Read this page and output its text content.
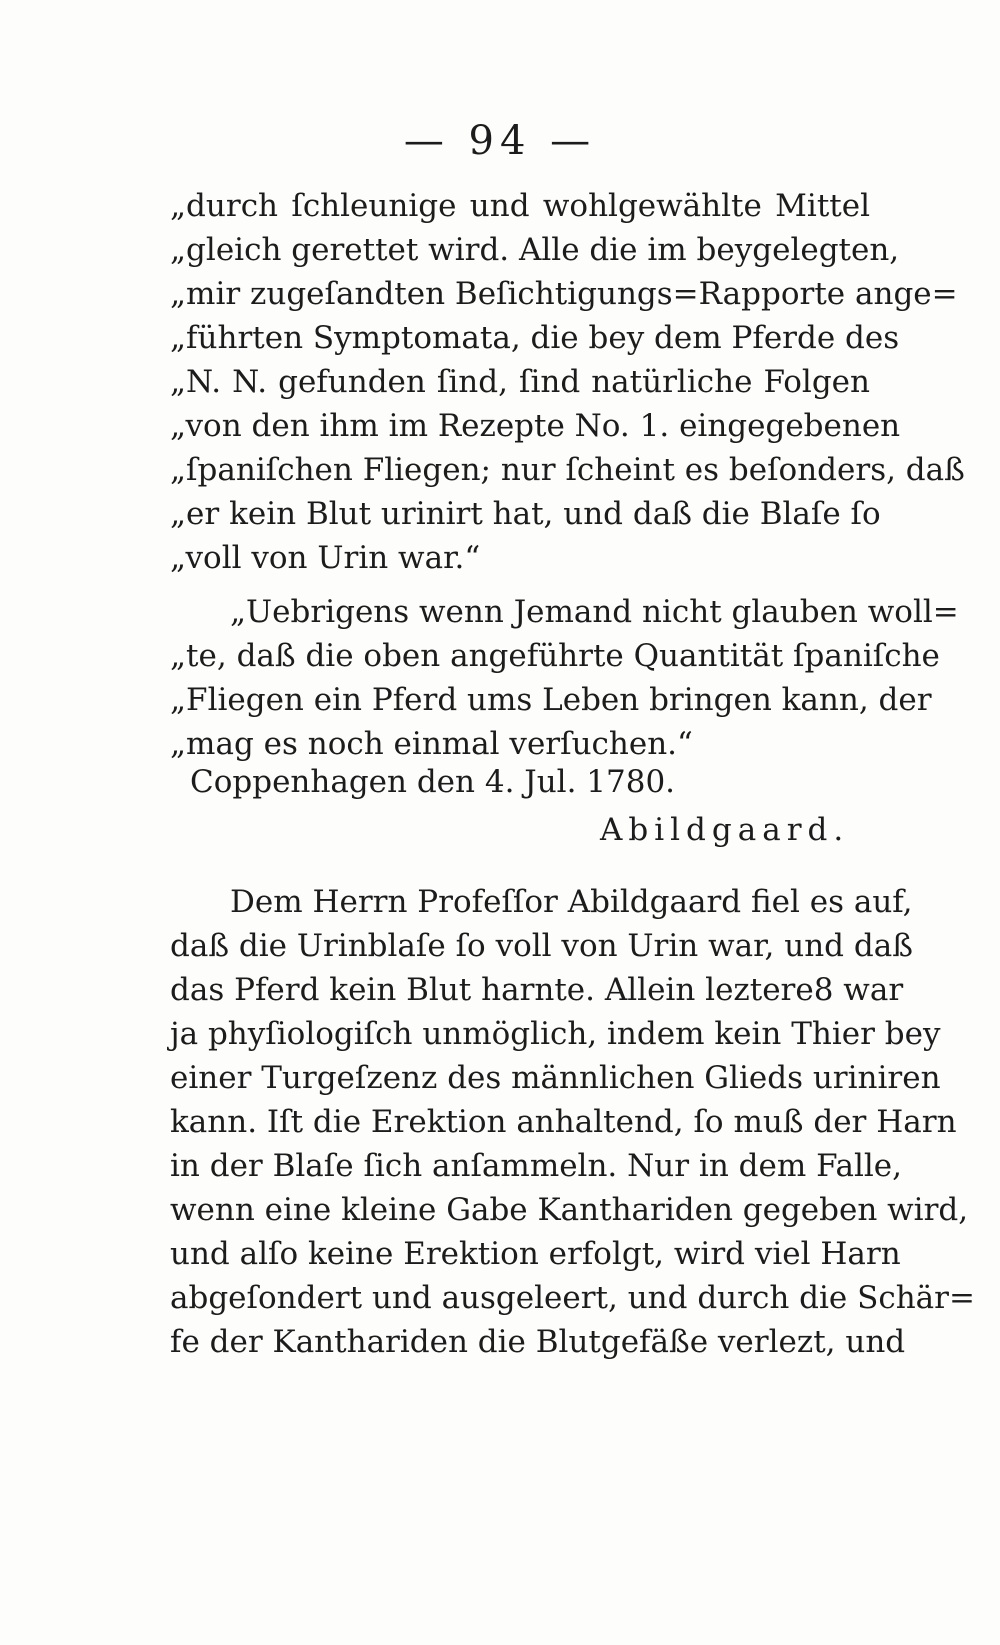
— 94 —
„durch ſchleunige und wohlgewählte Mittel
„gleich gerettet wird. Alle die im beygelegten,
„mir zugeſandten Beſichtigungs=Rapporte ange=
„führten Symptomata, die bey dem Pferde des
„N. N. gefunden ſind, ſind natürliche Folgen
„von den ihm im Rezepte No. 1. eingegebenen
„ſpaniſchen Fliegen; nur ſcheint es beſonders, daß
„er kein Blut urinirt hat, und daß die Blaſe ſo
„voll von Urin war.“
„Uebrigens wenn Jemand nicht glauben woll=
„te, daß die oben angeführte Quantität ſpaniſche
„Fliegen ein Pferd ums Leben bringen kann, der
„mag es noch einmal verſuchen.“
Coppenhagen den 4. Jul. 1780.
Abildgaard.
Dem Herrn Profeſſor Abildgaard fiel es auf,
daß die Urinblaſe ſo voll von Urin war, und daß
das Pferd kein Blut harnte. Allein leztere8 war
ja phyſiologiſch unmöglich, indem kein Thier bey
einer Turgeſzenz des männlichen Glieds uriniren
kann. Iſt die Erektion anhaltend, ſo muß der Harn
in der Blaſe ſich anſammeln. Nur in dem Falle,
wenn eine kleine Gabe Kanthariden gegeben wird,
und alſo keine Erektion erfolgt, wird viel Harn
abgeſondert und ausgeleert, und durch die Schär=
fe der Kanthariden die Blutgefäße verlezt, und
